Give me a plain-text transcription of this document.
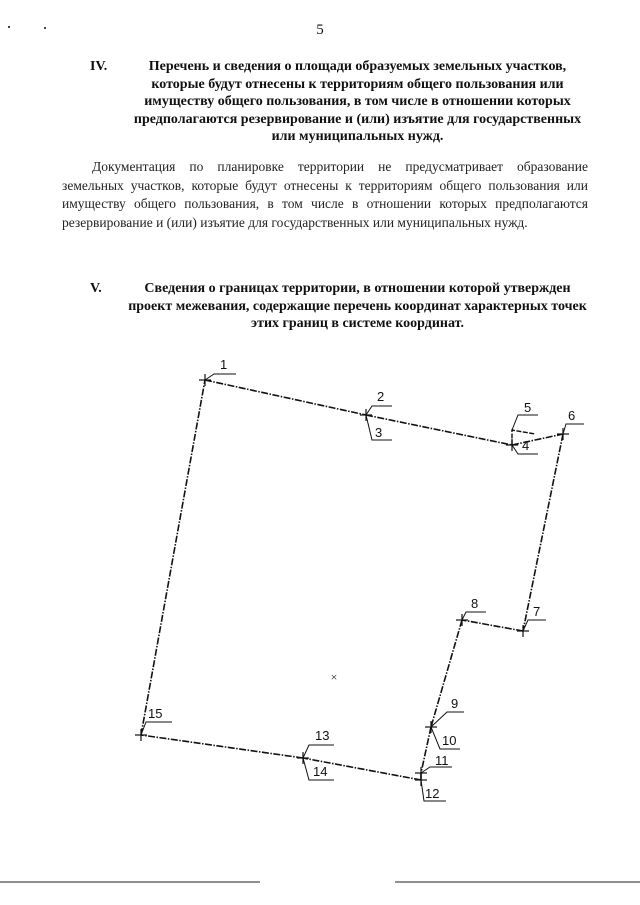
5
IV.	Перечень и сведения о площади образуемых земельных участков, которые будут отнесены к территориям общего пользования или имуществу общего пользования, в том числе в отношении которых предполагаются резервирование и (или) изъятие для государственных или муниципальных нужд.
Документация по планировке территории не предусматривает образование земельных участков, которые будут отнесены к территориям общего пользования или имуществу общего пользования, в том числе в отношении которых предполагаются резервирование и (или) изъятие для государственных или муниципальных нужд.
V.	Сведения о границах территории, в отношении которой утвержден проект межевания, содержащие перечень координат характерных точек этих границ в системе координат.
×
1
2
3
4
5
6
7
8
9
10
11
12
13
14
15
